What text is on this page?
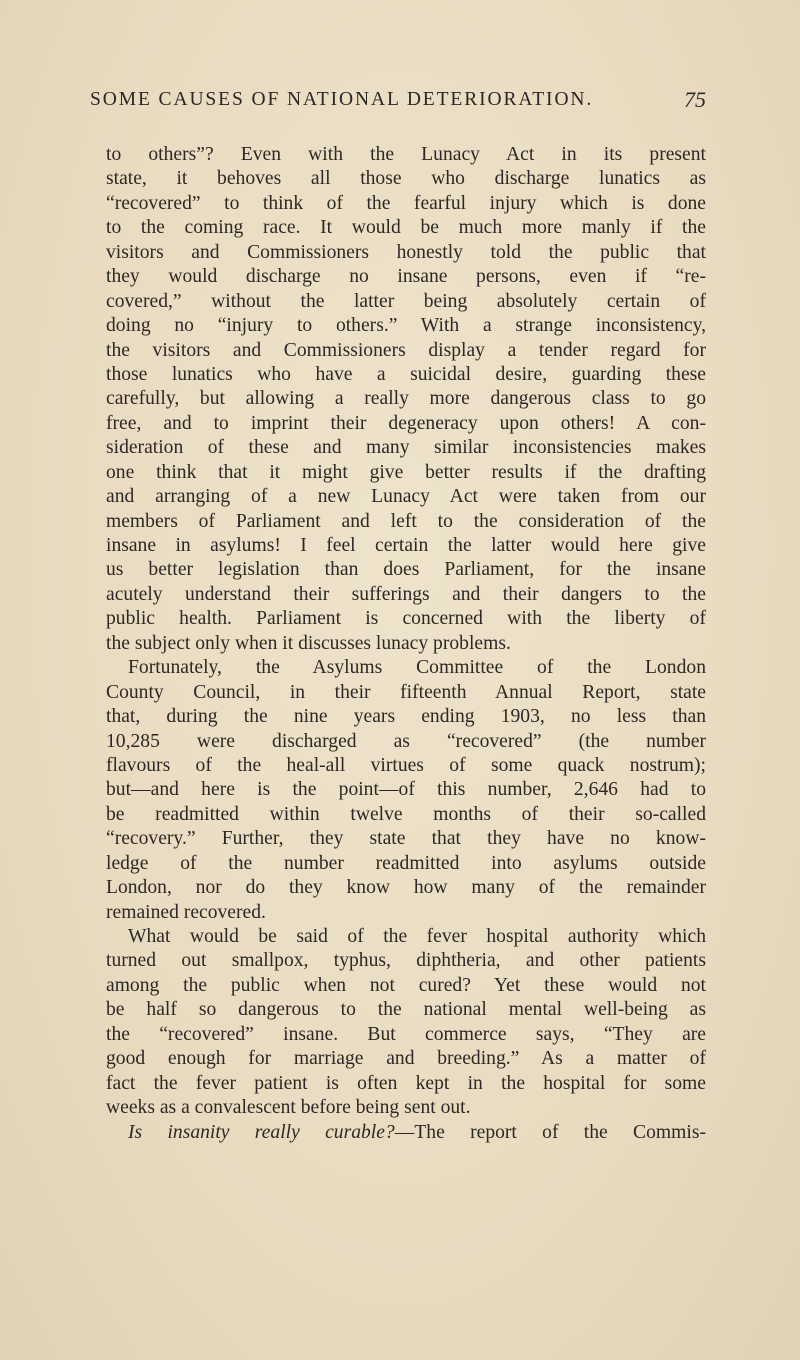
SOME CAUSES OF NATIONAL DETERIORATION.	75
to others”? Even with the Lunacy Act in its present
state, it behoves all those who discharge lunatics as
“recovered” to think of the fearful injury which is done
to the coming race. It would be much more manly if the
visitors and Commissioners honestly told the public that
they would discharge no insane persons, even if “re-
covered,” without the latter being absolutely certain of
doing no “injury to others.” With a strange inconsistency,
the visitors and Commissioners display a tender regard for
those lunatics who have a suicidal desire, guarding these
carefully, but allowing a really more dangerous class to go
free, and to imprint their degeneracy upon others! A con-
sideration of these and many similar inconsistencies makes
one think that it might give better results if the drafting
and arranging of a new Lunacy Act were taken from our
members of Parliament and left to the consideration of the
insane in asylums! I feel certain the latter would here give
us better legislation than does Parliament, for the insane
acutely understand their sufferings and their dangers to the
public health. Parliament is concerned with the liberty of
the subject only when it discusses lunacy problems.
Fortunately, the Asylums Committee of the London
County Council, in their fifteenth Annual Report, state
that, during the nine years ending 1903, no less than
10,285 were discharged as “recovered” (the number
flavours of the heal-all virtues of some quack nostrum);
but—and here is the point—of this number, 2,646 had to
be readmitted within twelve months of their so-called
“recovery.” Further, they state that they have no know-
ledge of the number readmitted into asylums outside
London, nor do they know how many of the remainder
remained recovered.
What would be said of the fever hospital authority which
turned out smallpox, typhus, diphtheria, and other patients
among the public when not cured? Yet these would not
be half so dangerous to the national mental well-being as
the “recovered” insane. But commerce says, “They are
good enough for marriage and breeding.” As a matter of
fact the fever patient is often kept in the hospital for some
weeks as a convalescent before being sent out.
Is insanity really curable?—The report of the Commis-
